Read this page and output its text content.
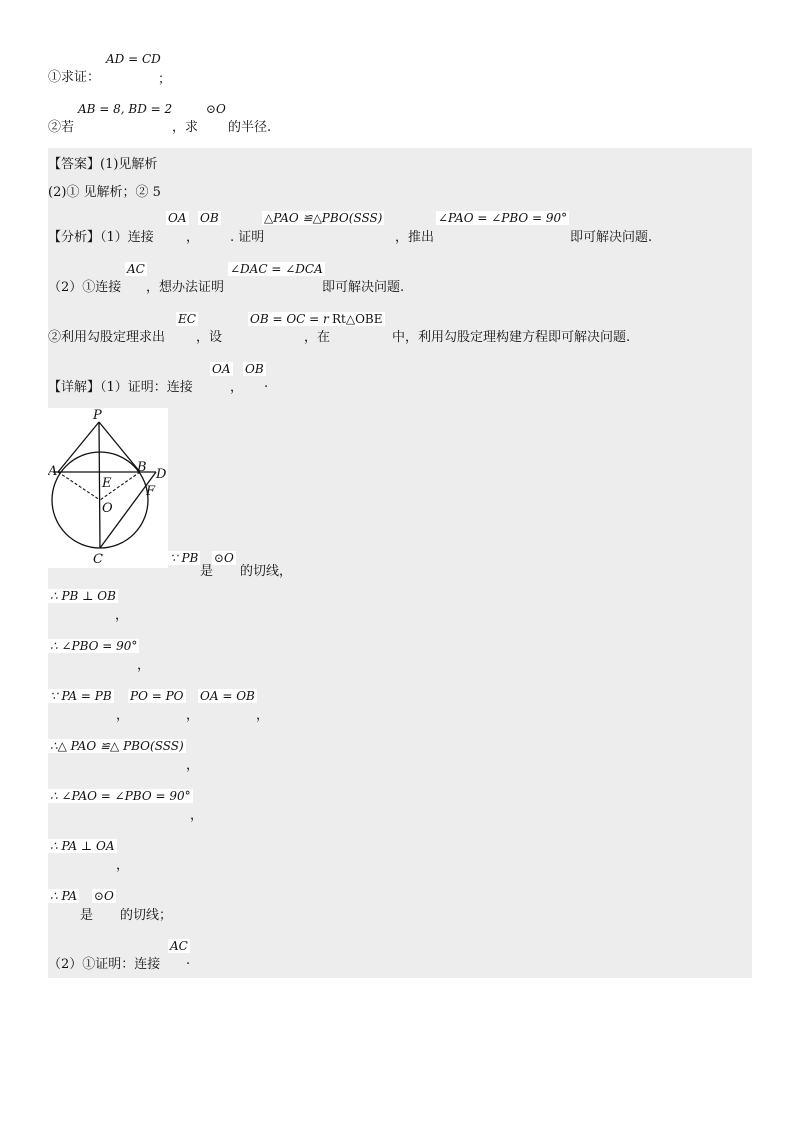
AD = CD
①求证：	；
AB = 8, BD = 2	⊙O
②若	，求 的半径.
【答案】(1)见解析
(2)① 见解析；② 5
OA OB	△PAO ≌△PBO(SSS)	∠PAO = ∠PBO = 90°
【分析】（1）连接 ， . 证明	，推出	即可解决问题.
AC	∠DAC = ∠DCA
（2）①连接 ，想办法证明	即可解决问题.
EC	OB = OC = r Rt△OBE
②利用勾股定理求出 ，设	，在	中，利用勾股定理构建方程即可解决问题.
OA OB
【详解】（1）证明：连接	， .
P
A	B D
E
F
O
C	∵ PB ⊙O
是 的切线，
∴ PB ⊥ OB
，
∴ ∠PBO = 90°
，
∵ PA = PB
，
PO = PO
，
OA = OB
，
∴△ PAO ≌△ PBO(SSS)
，
∴ ∠PAO = ∠PBO = 90°
，
∴ PA ⊥ OA
，
∴ PA ⊙O
是 的切线；
AC
（2）①证明：连接 .
